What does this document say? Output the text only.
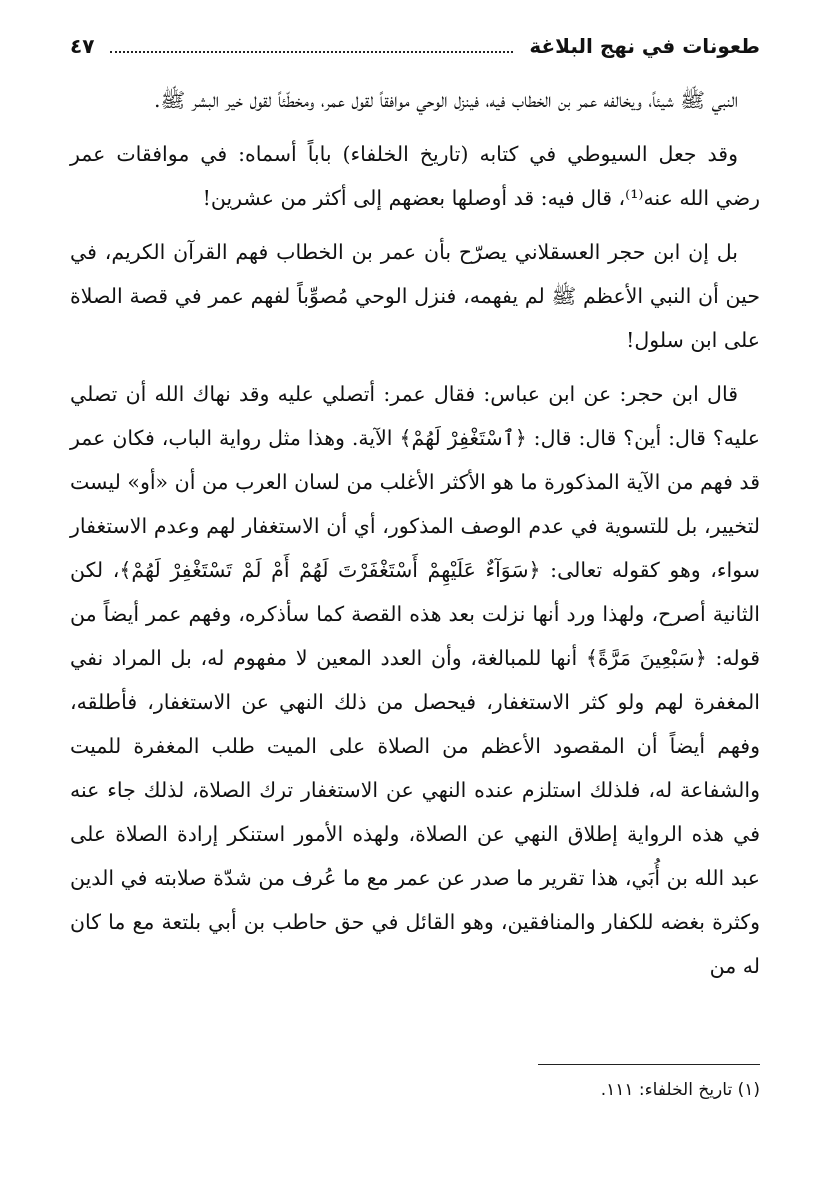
طعونات في نهج البلاغة
٤٧

النبي ﷺ شيئاً، ويخالفه عمر بن الخطاب فيه، فينزل الوحي موافقاً لقول عمر، ومخطّئاً لقول خير البشر ﷺ.

وقد جعل السيوطي في كتابه (تاريخ الخلفاء) باباً أسماه: في موافقات عمر رضي الله عنه⁽¹⁾، قال فيه: قد أوصلها بعضهم إلى أكثر من عشرين!

بل إن ابن حجر العسقلاني يصرّح بأن عمر بن الخطاب فهم القرآن الكريم، في حين أن النبي الأعظم ﷺ لم يفهمه، فنزل الوحي مُصوِّباً لفهم عمر في قصة الصلاة على ابن سلول!

قال ابن حجر: عن ابن عباس: فقال عمر: أتصلي عليه وقد نهاك الله أن تصلي عليه؟ قال: أين؟ قال: قال: ﴿ٱسْتَغْفِرْ لَهُمْ﴾ الآية. وهذا مثل رواية الباب، فكان عمر قد فهم من الآية المذكورة ما هو الأكثر الأغلب من لسان العرب من أن «أو» ليست لتخيير، بل للتسوية في عدم الوصف المذكور، أي أن الاستغفار لهم وعدم الاستغفار سواء، وهو كقوله تعالى: ﴿سَوَآءٌ عَلَيْهِمْ أَسْتَغْفَرْتَ لَهُمْ أَمْ لَمْ تَسْتَغْفِرْ لَهُمْ﴾، لكن الثانية أصرح، ولهذا ورد أنها نزلت بعد هذه القصة كما سأذكره، وفهم عمر أيضاً من قوله: ﴿سَبْعِينَ مَرَّةً﴾ أنها للمبالغة، وأن العدد المعين لا مفهوم له، بل المراد نفي المغفرة لهم ولو كثر الاستغفار، فيحصل من ذلك النهي عن الاستغفار، فأطلقه، وفهم أيضاً أن المقصود الأعظم من الصلاة على الميت طلب المغفرة للميت والشفاعة له، فلذلك استلزم عنده النهي عن الاستغفار ترك الصلاة، لذلك جاء عنه في هذه الرواية إطلاق النهي عن الصلاة، ولهذه الأمور استنكر إرادة الصلاة على عبد الله بن أُبَي، هذا تقرير ما صدر عن عمر مع ما عُرف من شدّة صلابته في الدين وكثرة بغضه للكفار والمنافقين، وهو القائل في حق حاطب بن أبي بلتعة مع ما كان له من

(١) تاريخ الخلفاء: ١١١.
